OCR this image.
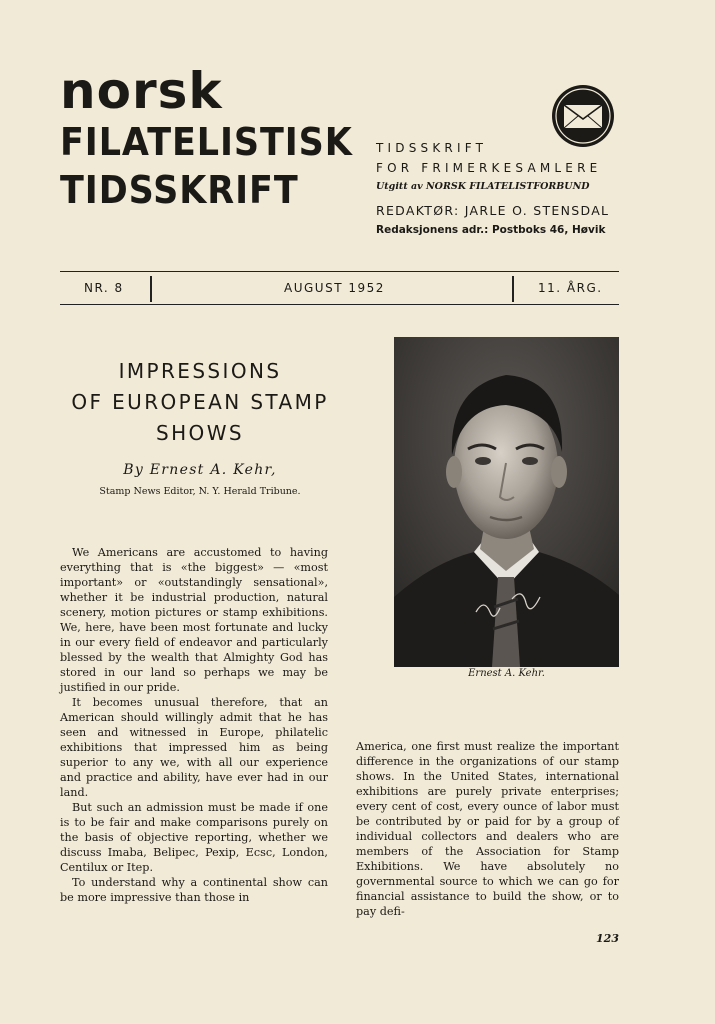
norsk
FILATELISTISK
TIDSSKRIFT
TIDSSKRIFT
FOR FRIMERKESAMLERE
Utgitt av NORSK FILATELISTFORBUND
REDAKTØR: JARLE O. STENSDAL
Redaksjonens adr.: Postboks 46, Høvik
NR. 8	AUGUST 1952	11. ÅRG.
IMPRESSIONS
OF EUROPEAN STAMP
SHOWS
By Ernest A. Kehr,
Stamp News Editor, N. Y. Herald Tribune.
Ernest A. Kehr.

We Americans are accustomed to having everything that is «the biggest» — «most important» or «outstandingly sensational», whether it be industrial production, natural scenery, motion pictures or stamp exhibitions. We, here, have been most fortunate and lucky in our every field of endeavor and particularly blessed by the wealth that Almighty God has stored in our land so perhaps we may be justified in our pride.

It becomes unusual therefore, that an American should willingly admit that he has seen and witnessed in Europe, philatelic exhibitions that impressed him as being superior to any we, with all our experience and practice and ability, have ever had in our land.

But such an admission must be made if one is to be fair and make comparisons purely on the basis of objective reporting, whether we discuss Imaba, Belipec, Pexip, Ecsc, London, Centilux or Itep.

To understand why a continental show can be more impressive than those in

America, one first must realize the important difference in the organizations of our stamp shows. In the United States, international exhibitions are purely private enterprises; every cent of cost, every ounce of labor must be contributed by or paid for by a group of individual collectors and dealers who are members of the Association for Stamp Exhibitions. We have absolutely no governmental source to which we can go for financial assistance to build the show, or to pay defi-

123
